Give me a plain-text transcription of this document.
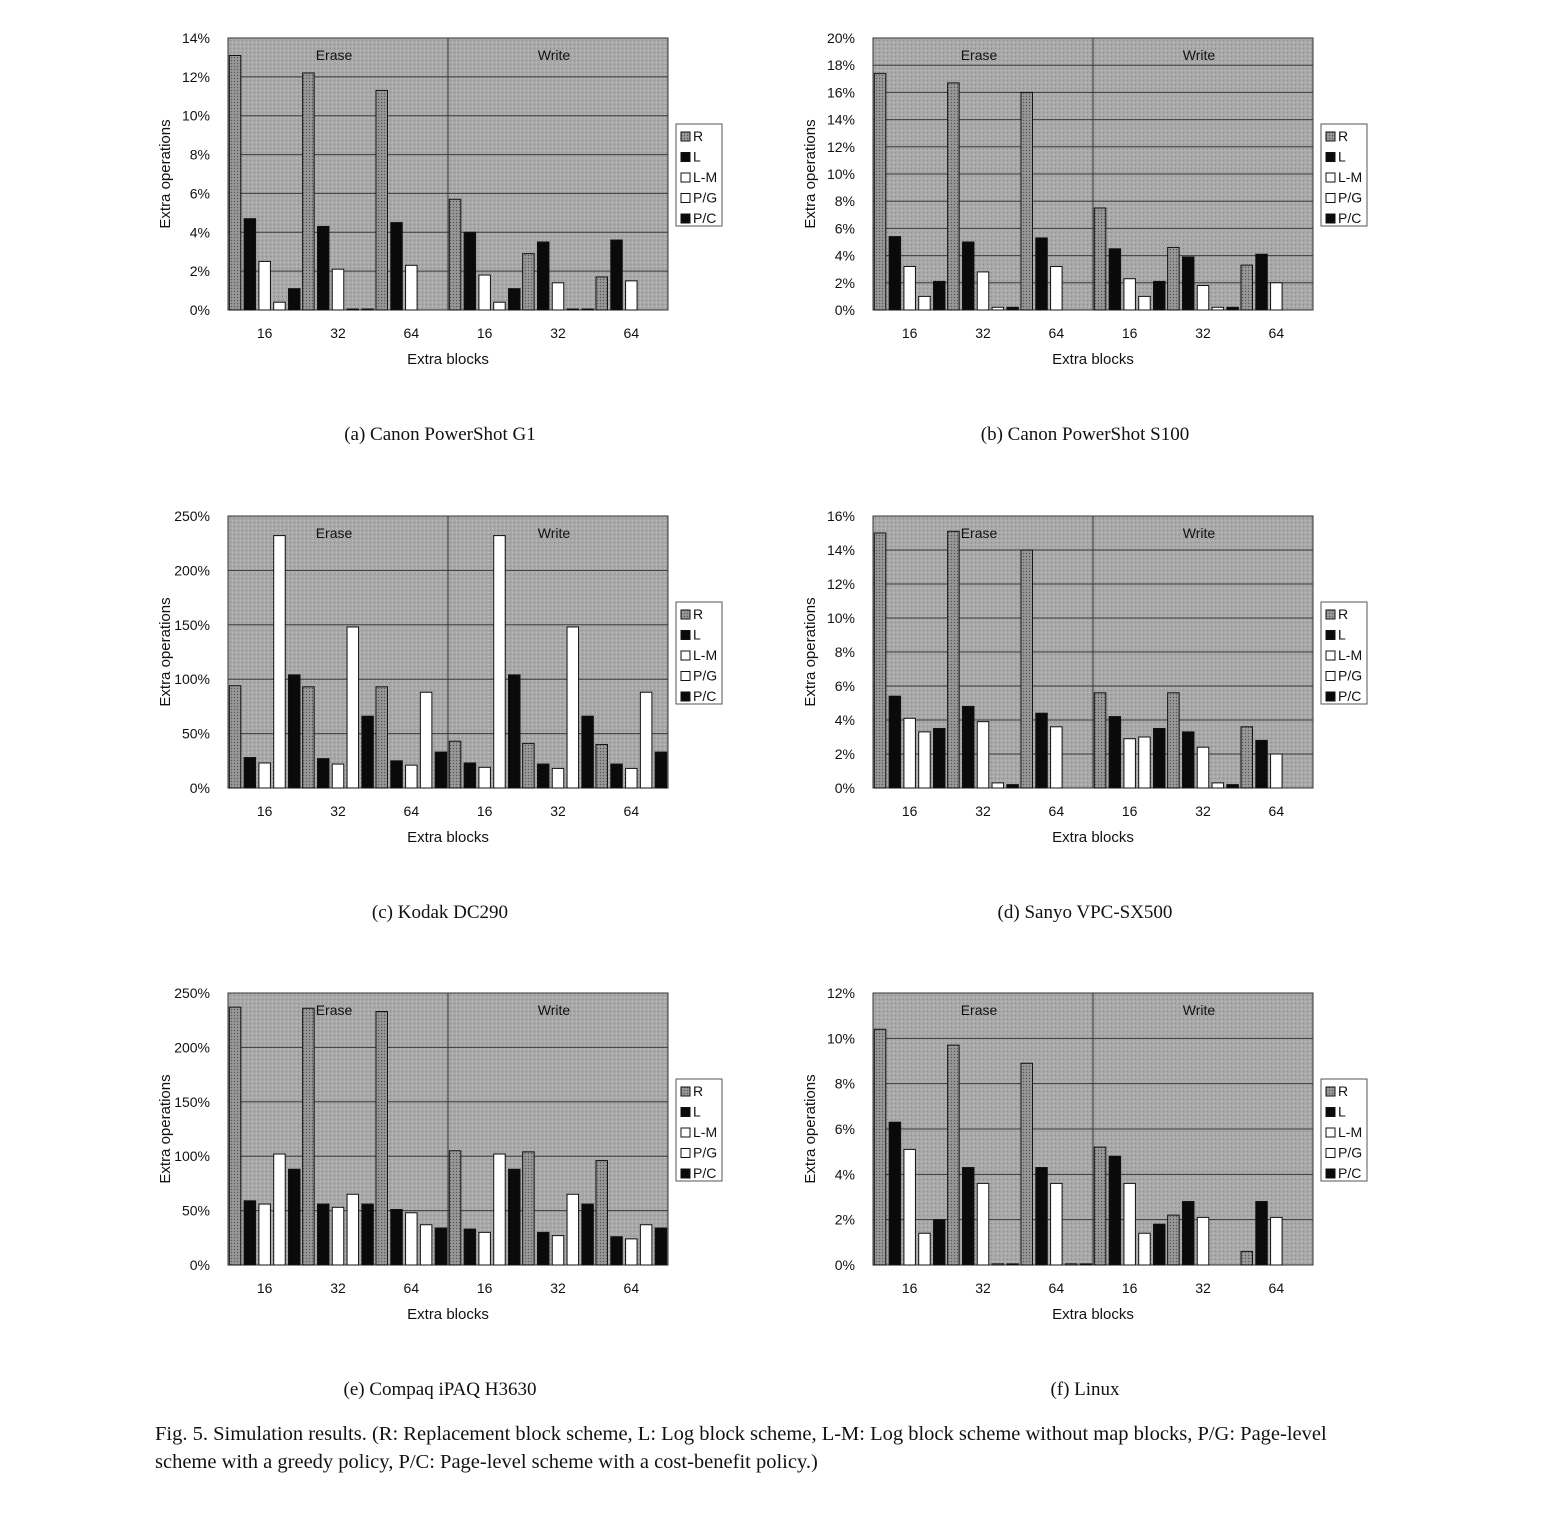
0%
2%
4%
6%
8%
10%
12%
14%
Erase	Write
16	32	64	16	32	64
Extra blocks
Extra operations	R
L
L-M
P/G
P/C
(a) Canon PowerShot G1
0%
2%
4%
6%
8%
10%
12%
14%
16%
18%
20%
Erase	Write
16	32	64	16	32	64
Extra blocks
Extra operations	R
L
L-M
P/G
P/C
(b) Canon PowerShot S100
0%
50%
100%
150%
200%
250%
Erase	Write
16	32	64	16	32	64
Extra blocks
Extra operations	R
L
L-M
P/G
P/C
(c) Kodak DC290
0%
2%
4%
6%
8%
10%
12%
14%
16%
Erase	Write
16	32	64	16	32	64
Extra blocks
Extra operations	R
L
L-M
P/G
P/C
(d) Sanyo VPC-SX500
0%
50%
100%
150%
200%
250%
Erase	Write
16	32	64	16	32	64
Extra blocks
Extra operations	R
L
L-M
P/G
P/C
(e) Compaq iPAQ H3630
0%
2%
4%
6%
8%
10%
12%
Erase	Write
16	32	64	16	32	64
Extra blocks
Extra operations	R
L
L-M
P/G
P/C
(f) Linux
Fig. 5. Simulation results. (R: Replacement block scheme, L: Log block scheme, L-M: Log block scheme without map blocks, P/G: Page-level scheme with a greedy policy, P/C: Page-level scheme with a cost-benefit policy.)
